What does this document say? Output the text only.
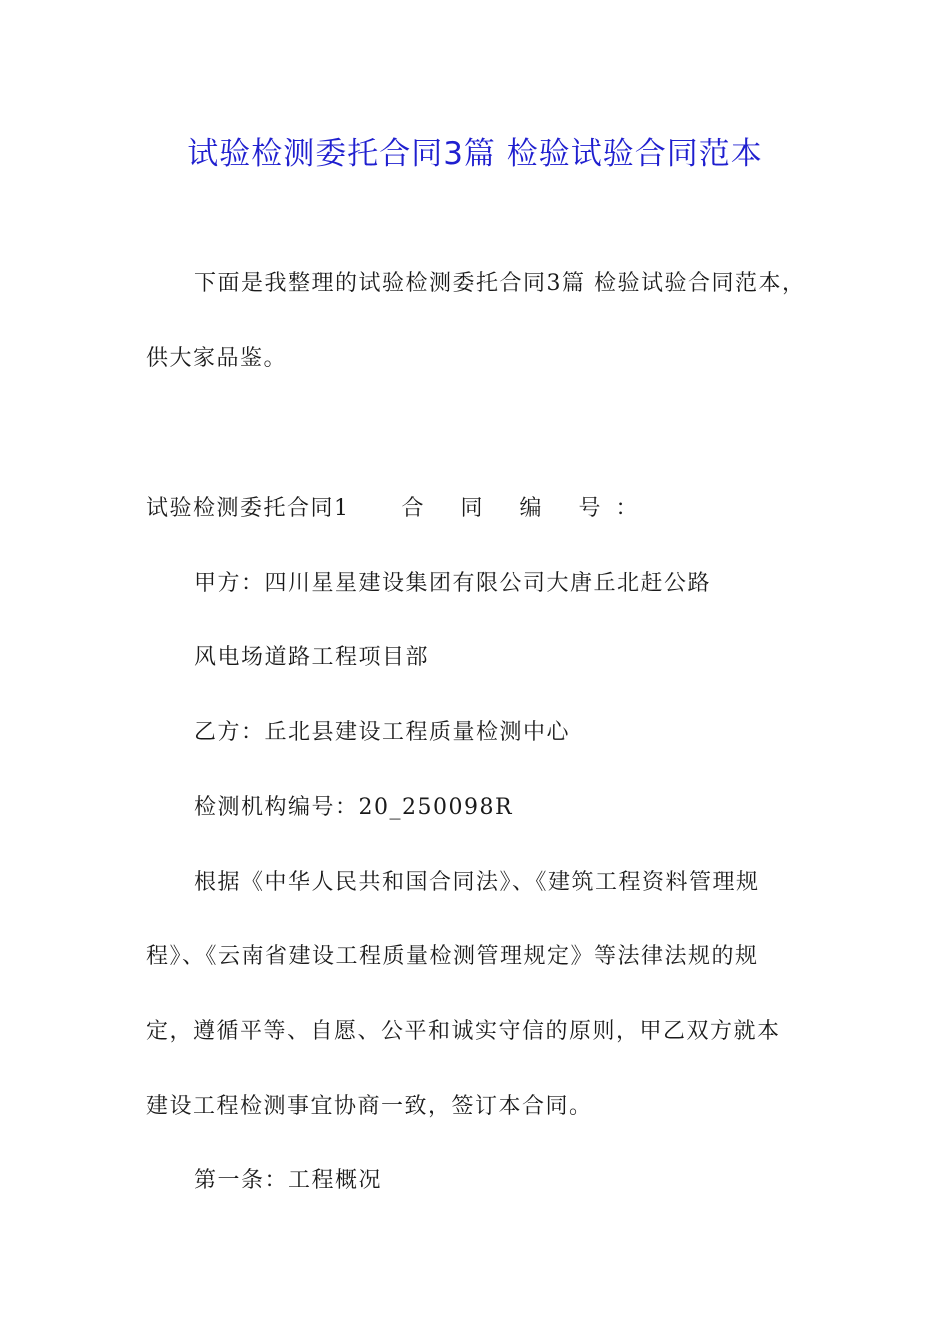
试验检测委托合同3篇 检验试验合同范本
下面是我整理的试验检测委托合同3篇 检验试验合同范本，
供大家品鉴。
试验检测委托合同1 合 同 编 号：
甲方：四川星星建设集团有限公司大唐丘北赶公路
风电场道路工程项目部
乙方：丘北县建设工程质量检测中心
检测机构编号：20_250098R
根据《中华人民共和国合同法》、《建筑工程资料管理规
程》、《云南省建设工程质量检测管理规定》等法律法规的规
定，遵循平等、自愿、公平和诚实守信的原则，甲乙双方就本
建设工程检测事宜协商一致，签订本合同。
第一条：工程概况
